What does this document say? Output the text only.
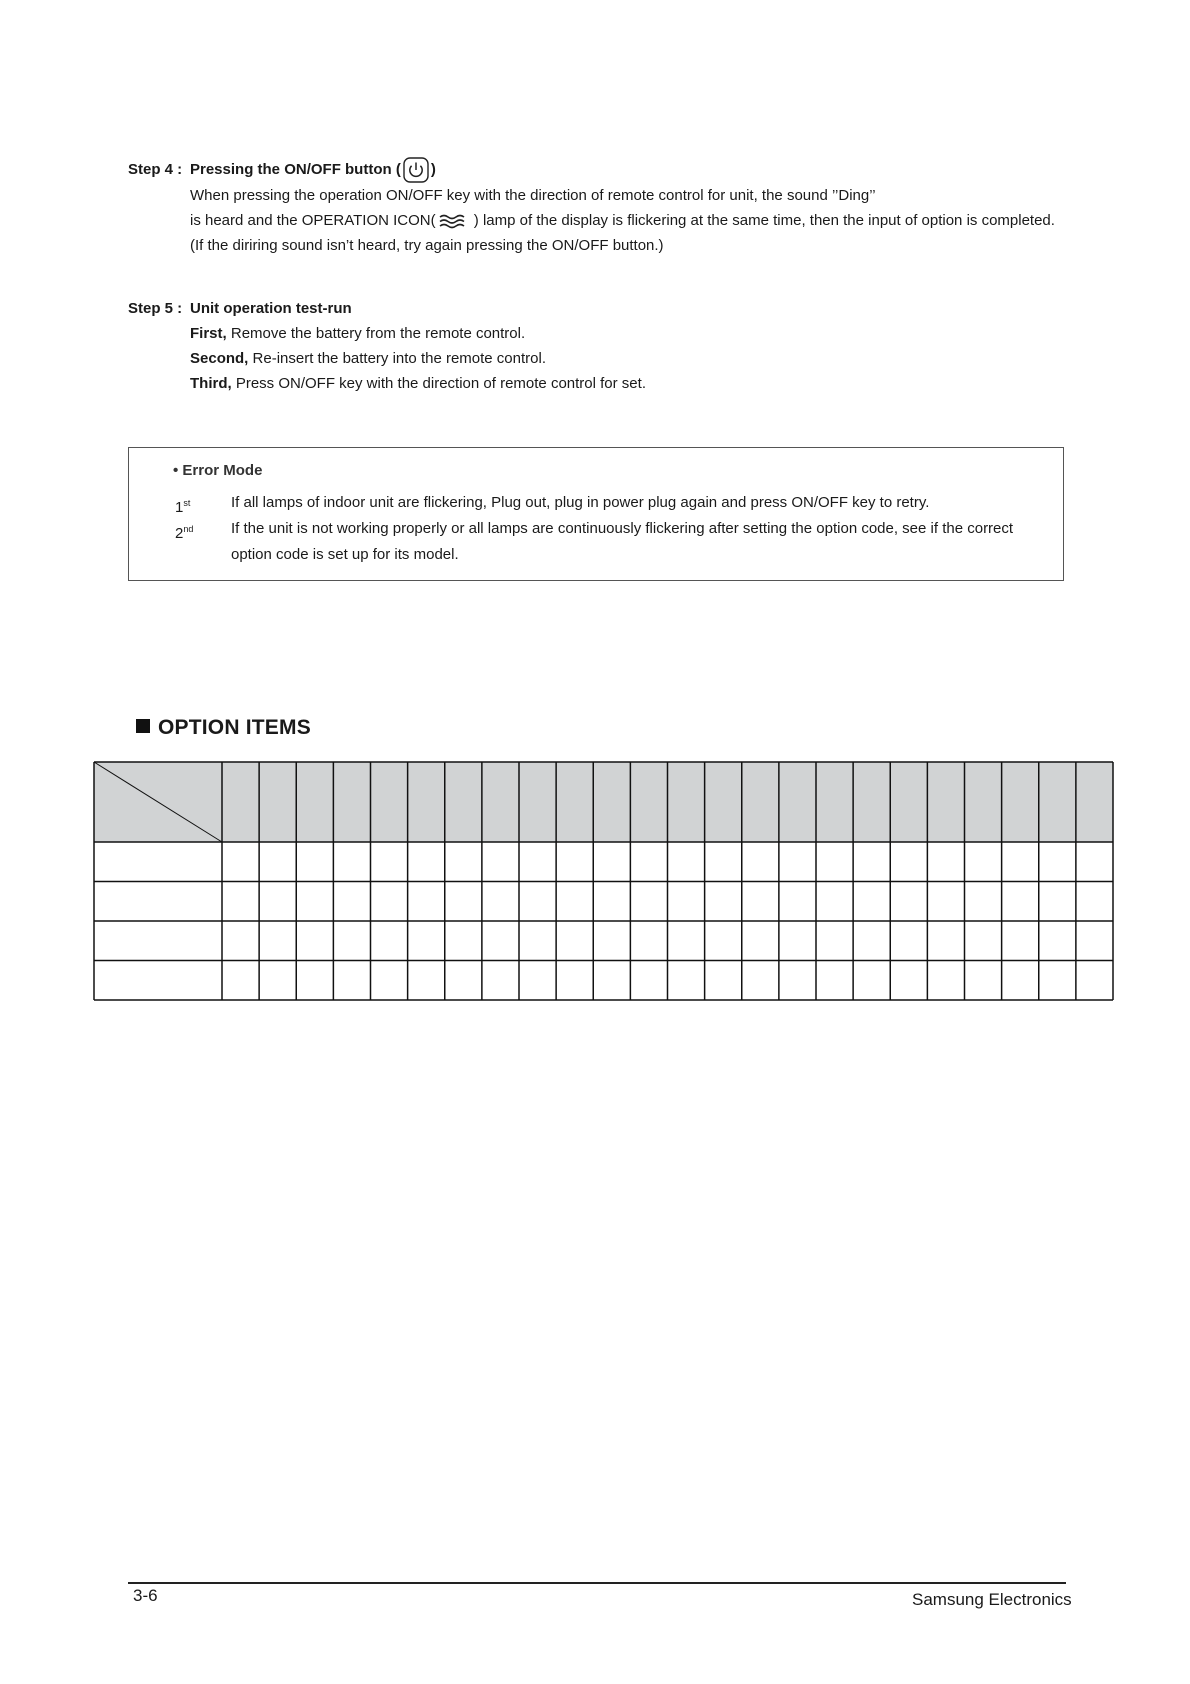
Step 4 : Pressing the ON/OFF button ( )
When pressing the operation ON/OFF key with the direction of remote control for unit, the sound ’’Ding’’
is heard and the OPERATION ICON( ) lamp of the display is flickering at the same time, then the input of option is completed.
(If the diriring sound isn’t heard, try again pressing the ON/OFF button.)
Step 5 : Unit operation test-run
First, Remove the battery from the remote control.
Second, Re-insert the battery into the remote control.
Third, Press ON/OFF key with the direction of remote control for set.
• Error Mode
1st	If all lamps of indoor unit are flickering, Plug out, plug in power plug again and press ON/OFF key to retry.
2nd	If the unit is not working properly or all lamps are continuously flickering after setting the option code, see if the correct option code is set up for its model.
OPTION ITEMS
3-6	Samsung Electronics
